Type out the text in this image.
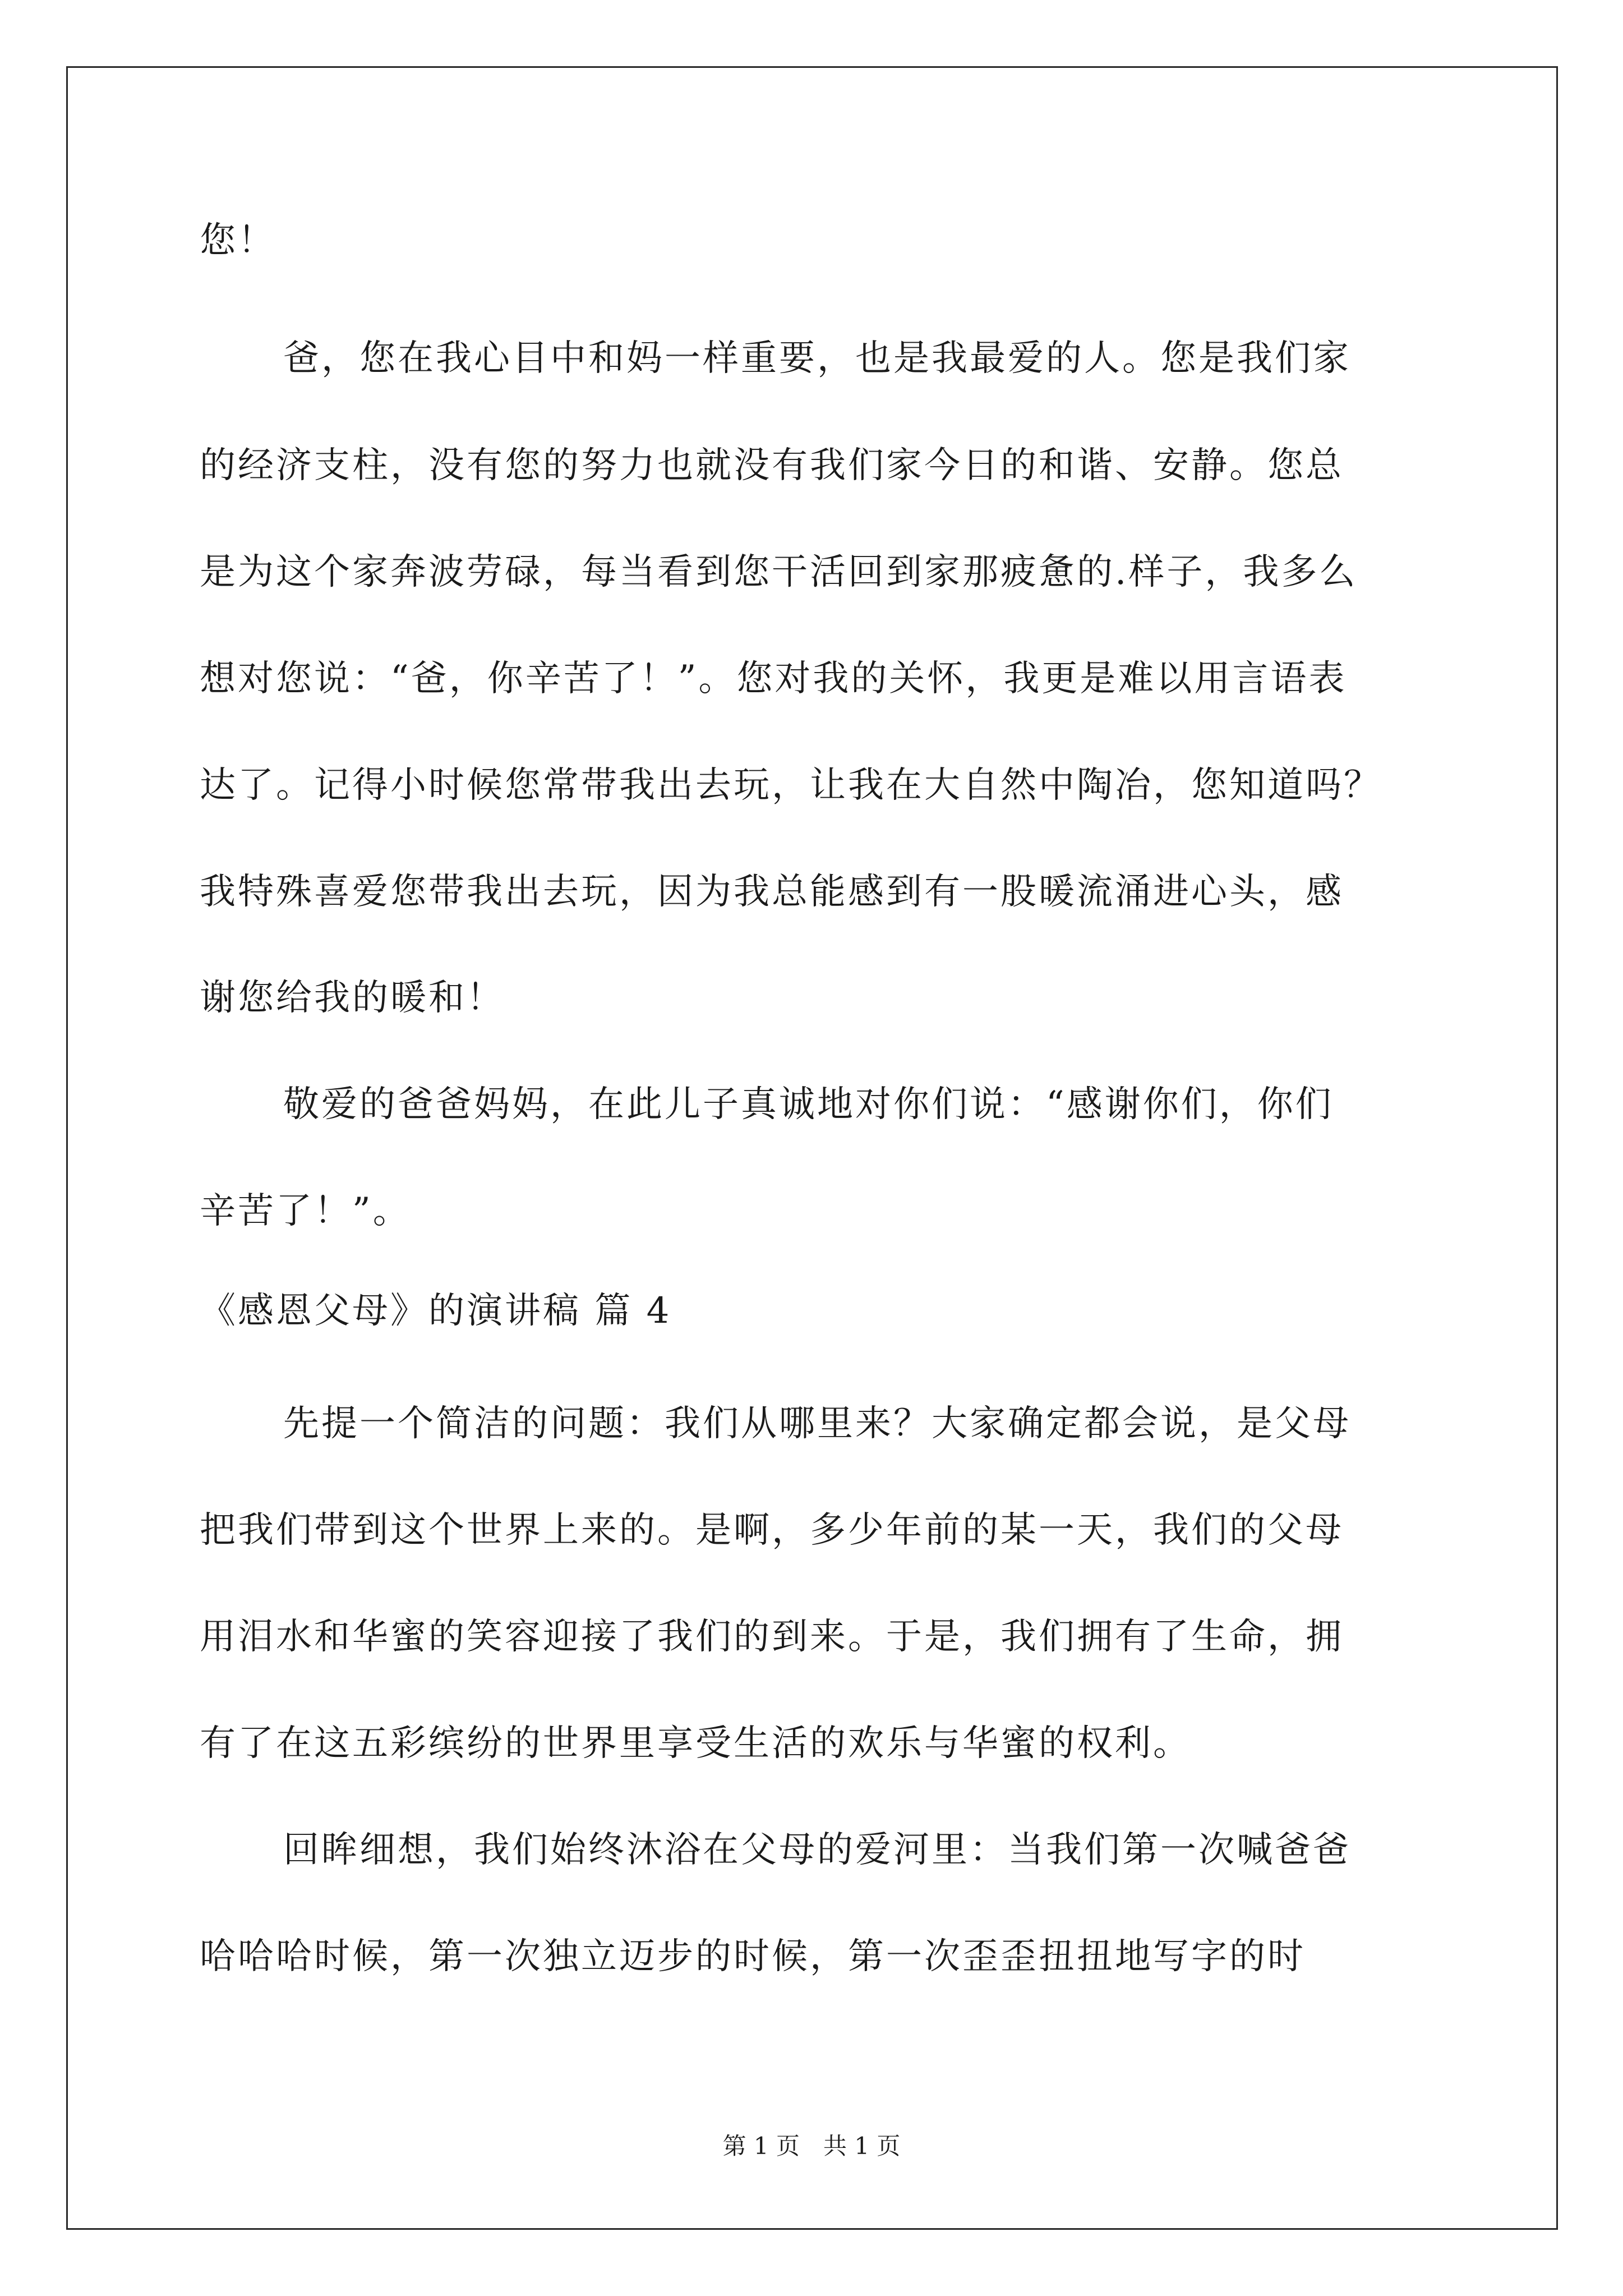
您！
爸，您在我心目中和妈一样重要，也是我最爱的人。您是我们家
的经济支柱，没有您的努力也就没有我们家今日的和谐、安静。您总
是为这个家奔波劳碌，每当看到您干活回到家那疲惫的.样子，我多么
想对您说：“爸，你辛苦了！”。您对我的关怀，我更是难以用言语表
达了。记得小时候您常带我出去玩，让我在大自然中陶冶，您知道吗？
我特殊喜爱您带我出去玩，因为我总能感到有一股暖流涌进心头，感
谢您给我的暖和！
敬爱的爸爸妈妈，在此儿子真诚地对你们说：“感谢你们，你们
辛苦了！”。
《感恩父母》的演讲稿 篇 4
先提一个简洁的问题：我们从哪里来？大家确定都会说，是父母
把我们带到这个世界上来的。是啊，多少年前的某一天，我们的父母
用泪水和华蜜的笑容迎接了我们的到来。于是，我们拥有了生命，拥
有了在这五彩缤纷的世界里享受生活的欢乐与华蜜的权利。
回眸细想，我们始终沐浴在父母的爱河里：当我们第一次喊爸爸
哈哈哈时候，第一次独立迈步的时候，第一次歪歪扭扭地写字的时
第 1 页　共 1 页
